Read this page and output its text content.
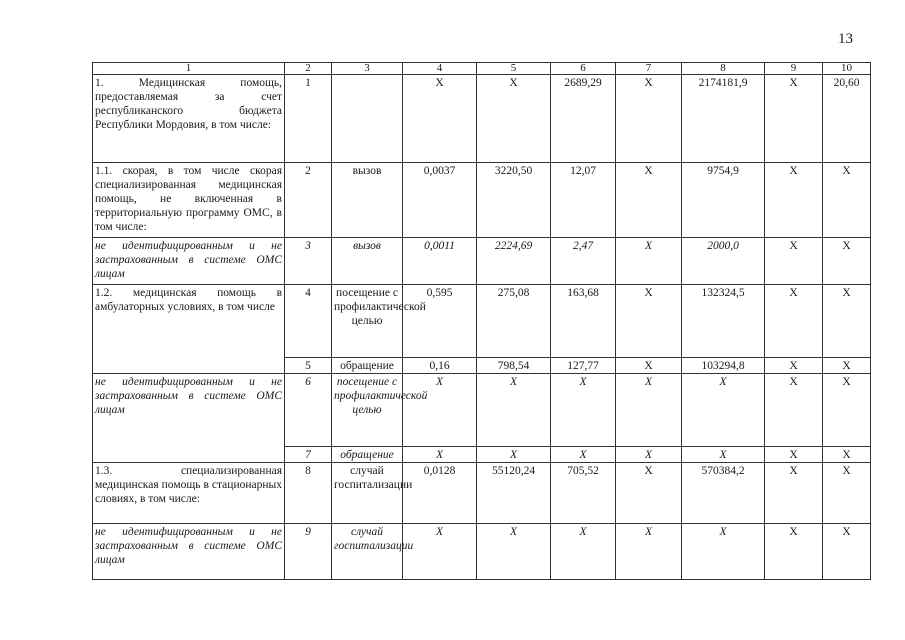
13
1	2	3	4	5	6	7	8	9	10
1. Медицинская помощь, предоставляемая за счет республиканского бюджета Республики Мордовия, в том числе:	1		X	X	2689,29	X	2174181,9	X	20,60
1.1. скорая, в том числе скорая специализированная медицинская помощь, не включенная в территориальную программу ОМС, в том числе:	2	вызов	0,0037	3220,50	12,07	X	9754,9	X	X
не идентифицированным и не застрахованным в системе ОМС лицам	3	вызов	0,0011	2224,69	2,47	X	2000,0	X	X
1.2. медицинская помощь в амбулаторных условиях, в том числе	4	посещение с профилактической целью	0,595	275,08	163,68	X	132324,5	X	X
	5	обращение	0,16	798,54	127,77	X	103294,8	X	X
не идентифицированным и не застрахованным в системе ОМС лицам	6	посещение с профилактической целью	X	X	X	X	X	X	X
	7	обращение	X	X	X	X	X	X	X
1.3. специализированная медицинская помощь в стационарных словиях, в том числе:	8	случай госпитализации	0,0128	55120,24	705,52	X	570384,2	X	X
не идентифицированным и не застрахованным в системе ОМС лицам	9	случай госпитализации	X	X	X	X	X	X	X
